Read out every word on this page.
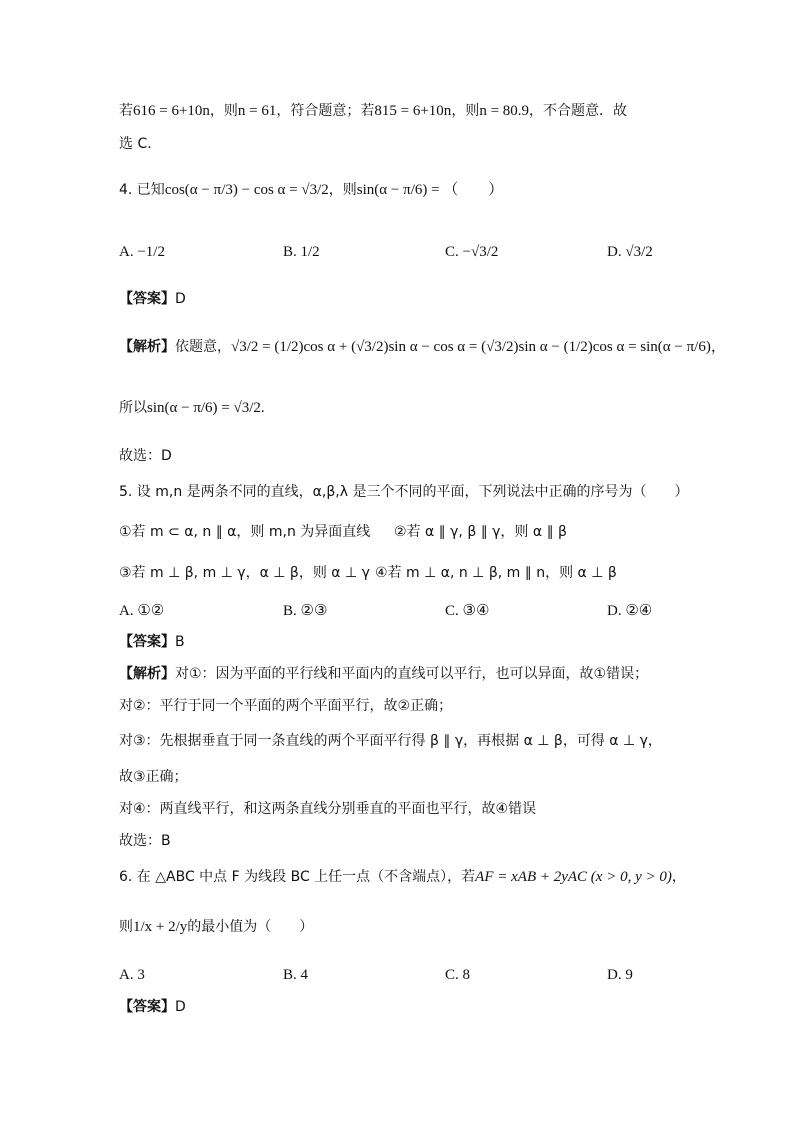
若616 = 6+10n，则n = 61，符合题意；若815 = 6+10n，则n = 80.9，不合题意．故
选 C．
4. 已知cos(α − π/3) − cos α = √3/2，则sin(α − π/6) = （　　）
A. −1/2	B. 1/2	C. −√3/2	D. √3/2
【答案】D
【解析】依题意，√3/2 = (1/2)cos α + (√3/2)sin α − cos α = (√3/2)sin α − (1/2)cos α = sin(α − π/6)，
所以sin(α − π/6) = √3/2.
故选：D
5. 设 m,n 是两条不同的直线，α,β,λ 是三个不同的平面，下列说法中正确的序号为（　　）
①若 m ⊂ α, n ∥ α，则 m,n 为异面直线 ②若 α ∥ γ, β ∥ γ，则 α ∥ β
③若 m ⊥ β, m ⊥ γ，α ⊥ β，则 α ⊥ γ ④若 m ⊥ α, n ⊥ β, m ∥ n，则 α ⊥ β
A. ①②	B. ②③	C. ③④	D. ②④
【答案】B
【解析】对①：因为平面的平行线和平面内的直线可以平行，也可以异面，故①错误；
对②：平行于同一个平面的两个平面平行，故②正确；
对③：先根据垂直于同一条直线的两个平面平行得 β ∥ γ，再根据 α ⊥ β，可得 α ⊥ γ，
故③正确；
对④：两直线平行，和这两条直线分别垂直的平面也平行，故④错误
故选：B
6. 在 △ABC 中点 F 为线段 BC 上任一点（不含端点），若AF = xAB + 2yAC (x > 0, y > 0)，
则1/x + 2/y的最小值为（　　）
A. 3	B. 4	C. 8	D. 9
【答案】D
